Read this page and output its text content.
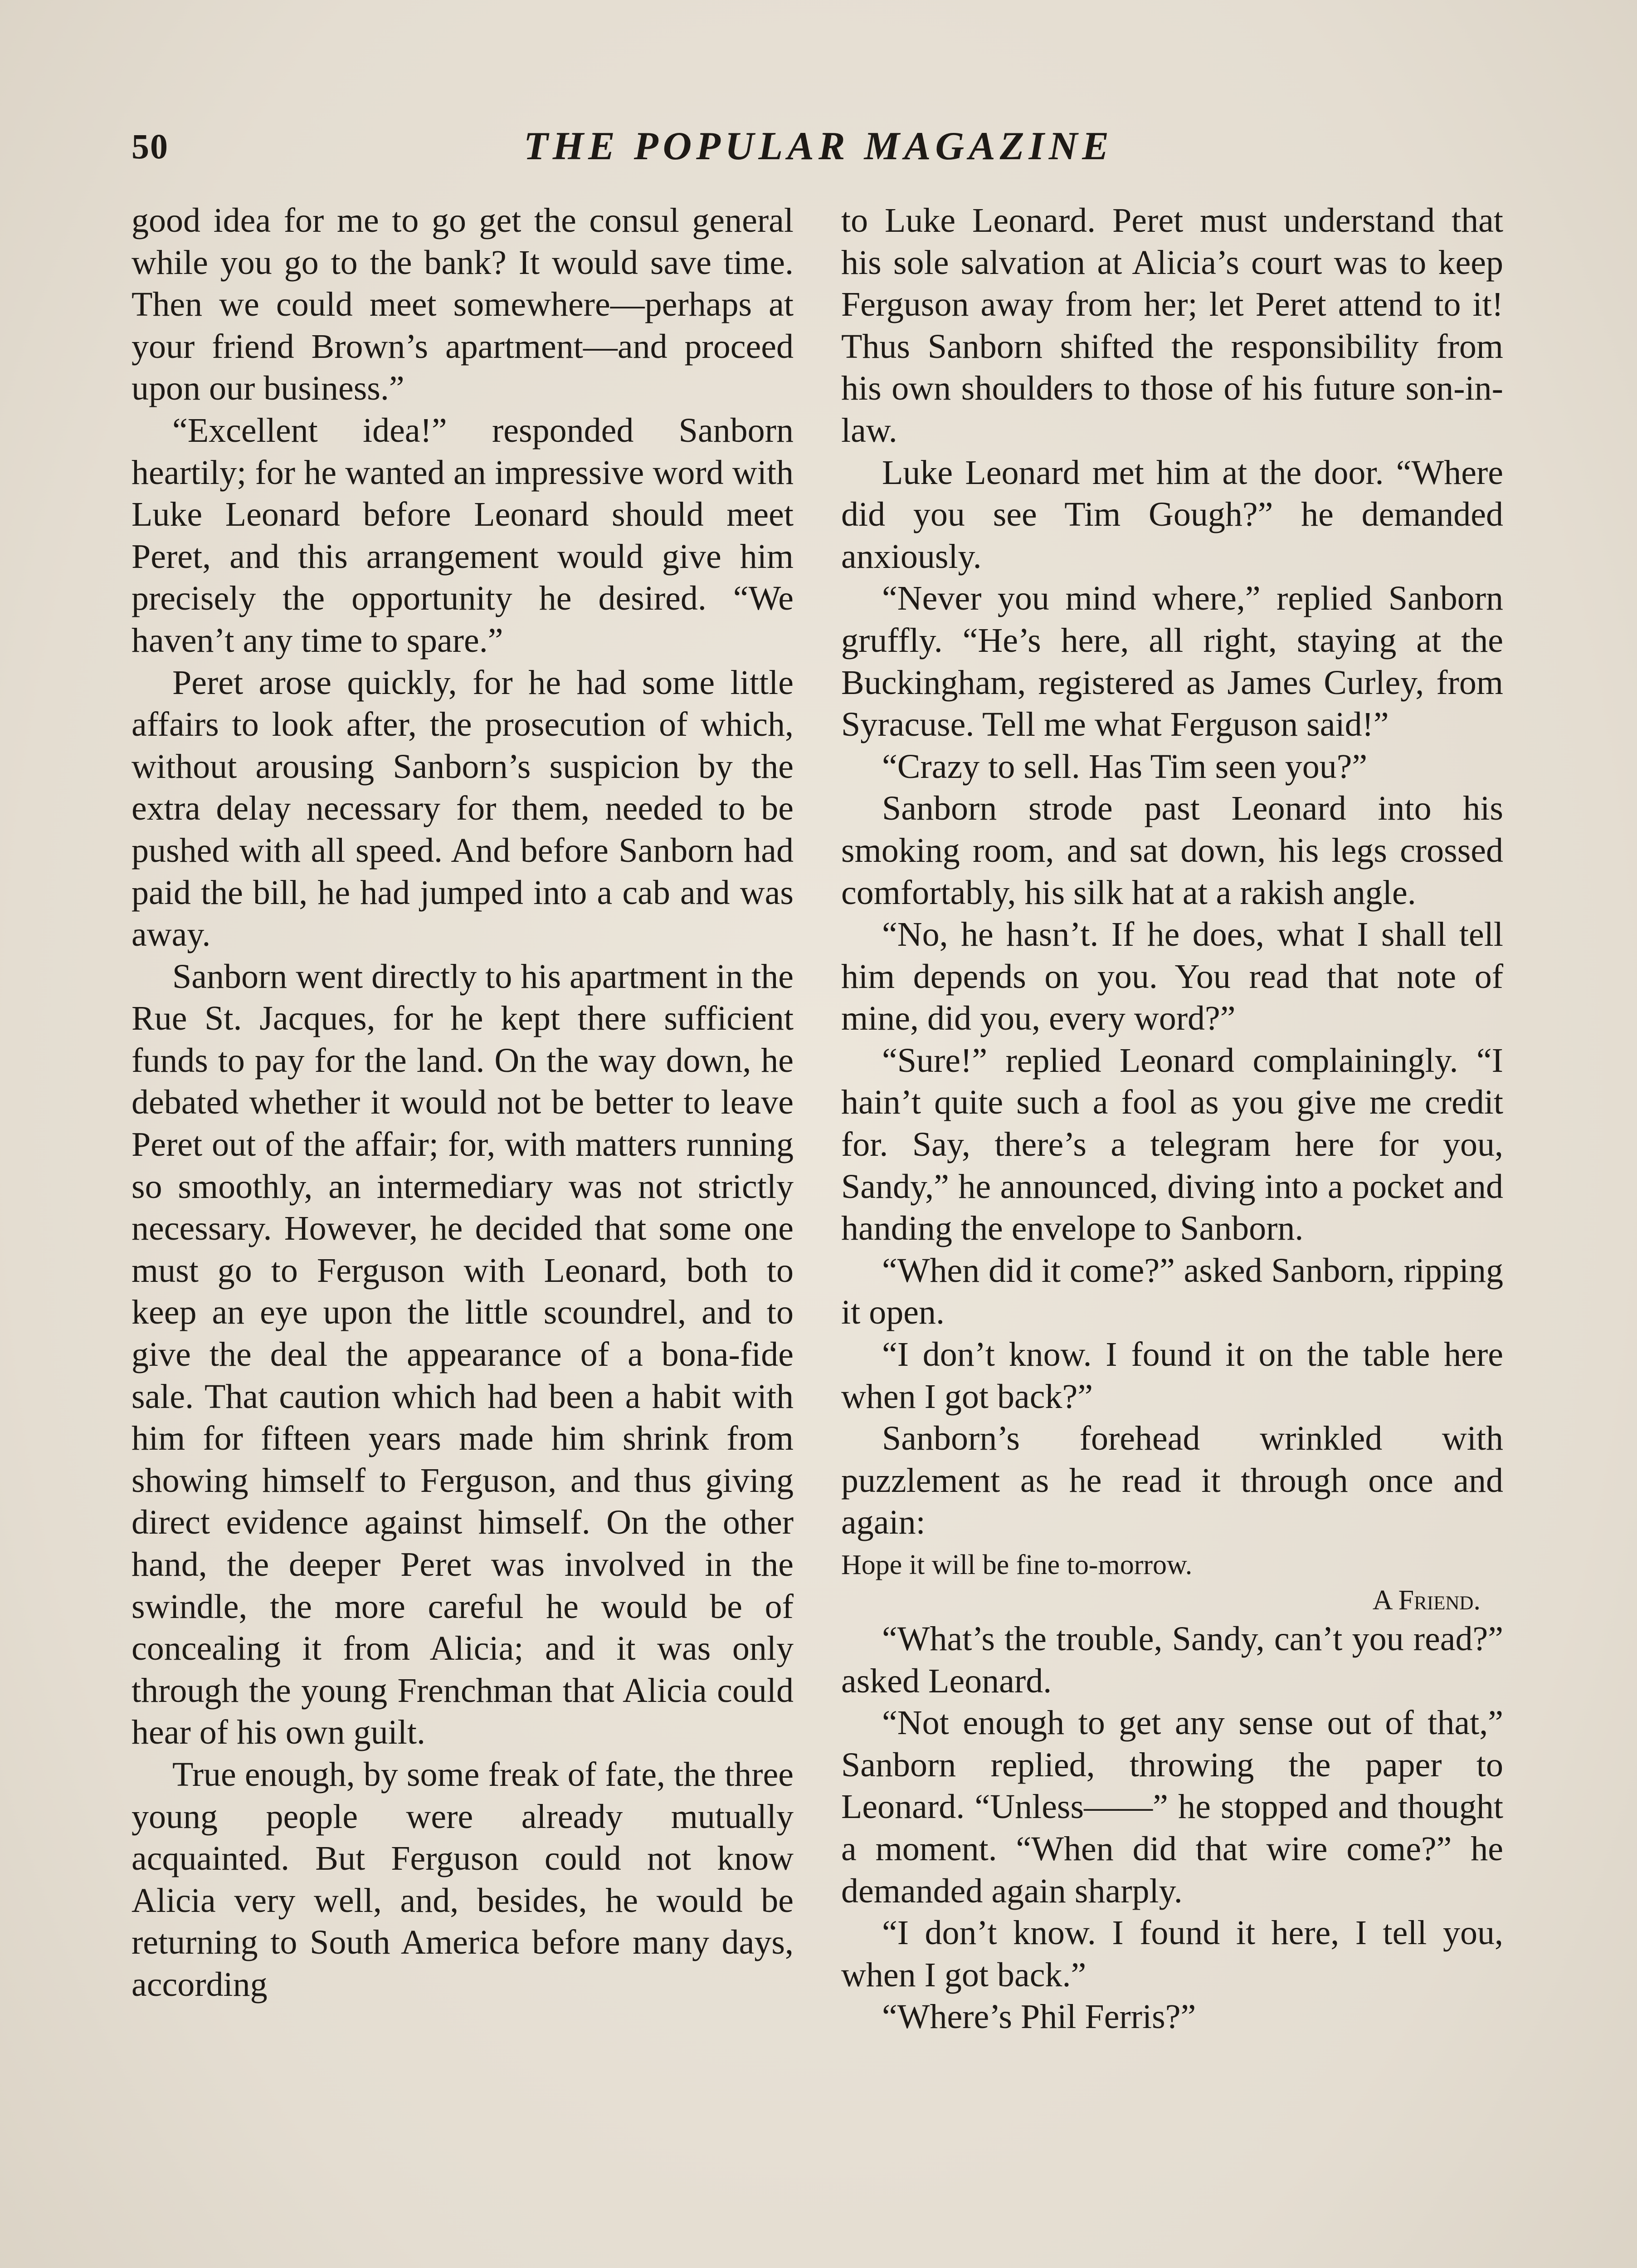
50	THE POPULAR MAGAZINE

good idea for me to go get the consul general while you go to the bank? It would save time. Then we could meet somewhere—perhaps at your friend Brown’s apartment—and proceed upon our business.”

“Excellent idea!” responded Sanborn heartily; for he wanted an impressive word with Luke Leonard before Leonard should meet Peret, and this arrangement would give him precisely the opportunity he desired. “We haven’t any time to spare.”

Peret arose quickly, for he had some little affairs to look after, the prosecution of which, without arousing Sanborn’s suspicion by the extra delay necessary for them, needed to be pushed with all speed. And before Sanborn had paid the bill, he had jumped into a cab and was away.

Sanborn went directly to his apartment in the Rue St. Jacques, for he kept there sufficient funds to pay for the land. On the way down, he debated whether it would not be better to leave Peret out of the affair; for, with matters running so smoothly, an intermediary was not strictly necessary. However, he decided that some one must go to Ferguson with Leonard, both to keep an eye upon the little scoundrel, and to give the deal the appearance of a bona-fide sale. That caution which had been a habit with him for fifteen years made him shrink from showing himself to Ferguson, and thus giving direct evidence against himself. On the other hand, the deeper Peret was involved in the swindle, the more careful he would be of concealing it from Alicia; and it was only through the young Frenchman that Alicia could hear of his own guilt.

True enough, by some freak of fate, the three young people were already mutually acquainted. But Ferguson could not know Alicia very well, and, besides, he would be returning to South America before many days, according

to Luke Leonard. Peret must understand that his sole salvation at Alicia’s court was to keep Ferguson away from her; let Peret attend to it! Thus Sanborn shifted the responsibility from his own shoulders to those of his future son-in-law.

Luke Leonard met him at the door. “Where did you see Tim Gough?” he demanded anxiously.

“Never you mind where,” replied Sanborn gruffly. “He’s here, all right, staying at the Buckingham, registered as James Curley, from Syracuse. Tell me what Ferguson said!”

“Crazy to sell. Has Tim seen you?”

Sanborn strode past Leonard into his smoking room, and sat down, his legs crossed comfortably, his silk hat at a rakish angle.

“No, he hasn’t. If he does, what I shall tell him depends on you. You read that note of mine, did you, every word?”

“Sure!” replied Leonard complainingly. “I hain’t quite such a fool as you give me credit for. Say, there’s a telegram here for you, Sandy,” he announced, diving into a pocket and handing the envelope to Sanborn.

“When did it come?” asked Sanborn, ripping it open.

“I don’t know. I found it on the table here when I got back?”

Sanborn’s forehead wrinkled with puzzlement as he read it through once and again:

Hope it will be fine to-morrow.
A Friend.

“What’s the trouble, Sandy, can’t you read?” asked Leonard.

“Not enough to get any sense out of that,” Sanborn replied, throwing the paper to Leonard. “Unless——” he stopped and thought a moment. “When did that wire come?” he demanded again sharply.

“I don’t know. I found it here, I tell you, when I got back.”

“Where’s Phil Ferris?”
